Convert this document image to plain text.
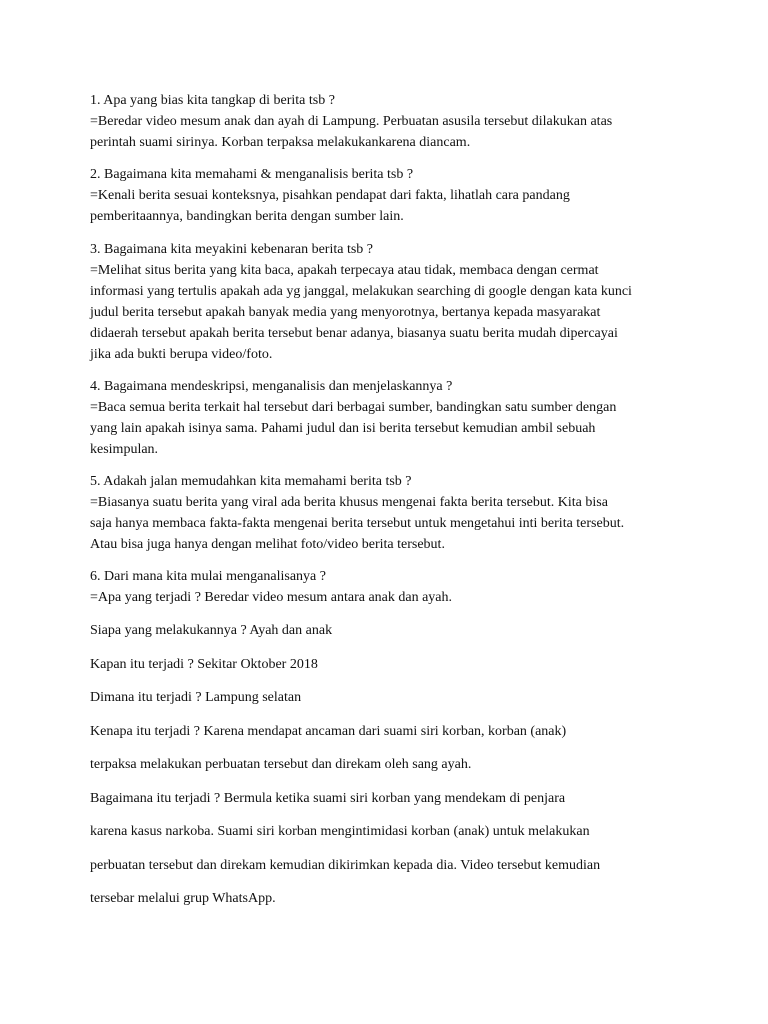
1. Apa yang bias kita tangkap di berita tsb ?
=Beredar video mesum anak dan ayah di Lampung. Perbuatan asusila tersebut dilakukan atas
perintah suami sirinya. Korban terpaksa melakukankarena diancam.
2. Bagaimana kita memahami & menganalisis berita tsb ?
=Kenali berita sesuai konteksnya, pisahkan pendapat dari fakta, lihatlah cara pandang
pemberitaannya, bandingkan berita dengan sumber lain.
3. Bagaimana kita meyakini kebenaran berita tsb ?
=Melihat situs berita yang kita baca, apakah terpecaya atau tidak, membaca dengan cermat
informasi yang tertulis apakah ada yg janggal, melakukan searching di google dengan kata kunci
judul berita tersebut apakah banyak media yang menyorotnya, bertanya kepada masyarakat
didaerah tersebut apakah berita tersebut benar adanya, biasanya suatu berita mudah dipercayai
jika ada bukti berupa video/foto.
4. Bagaimana mendeskripsi, menganalisis dan menjelaskannya ?
=Baca semua berita terkait hal tersebut dari berbagai sumber, bandingkan satu sumber dengan
yang lain apakah isinya sama. Pahami judul dan isi berita tersebut kemudian ambil sebuah
kesimpulan.
5. Adakah jalan memudahkan kita memahami berita tsb ?
=Biasanya suatu berita yang viral ada berita khusus mengenai fakta berita tersebut. Kita bisa
saja hanya membaca fakta-fakta mengenai berita tersebut untuk mengetahui inti berita tersebut.
Atau bisa juga hanya dengan melihat foto/video berita tersebut.
6. Dari mana kita mulai menganalisanya ?
=Apa yang terjadi ? Beredar video mesum antara anak dan ayah.
Siapa yang melakukannya ? Ayah dan anak
Kapan itu terjadi ? Sekitar Oktober 2018
Dimana itu terjadi ? Lampung selatan
Kenapa itu terjadi ? Karena mendapat ancaman dari suami siri korban, korban (anak)
terpaksa melakukan perbuatan tersebut dan direkam oleh sang ayah.
Bagaimana itu terjadi ? Bermula ketika suami siri korban yang mendekam di penjara
karena kasus narkoba. Suami siri korban mengintimidasi korban (anak) untuk melakukan
perbuatan tersebut dan direkam kemudian dikirimkan kepada dia. Video tersebut kemudian
tersebar melalui grup WhatsApp.
